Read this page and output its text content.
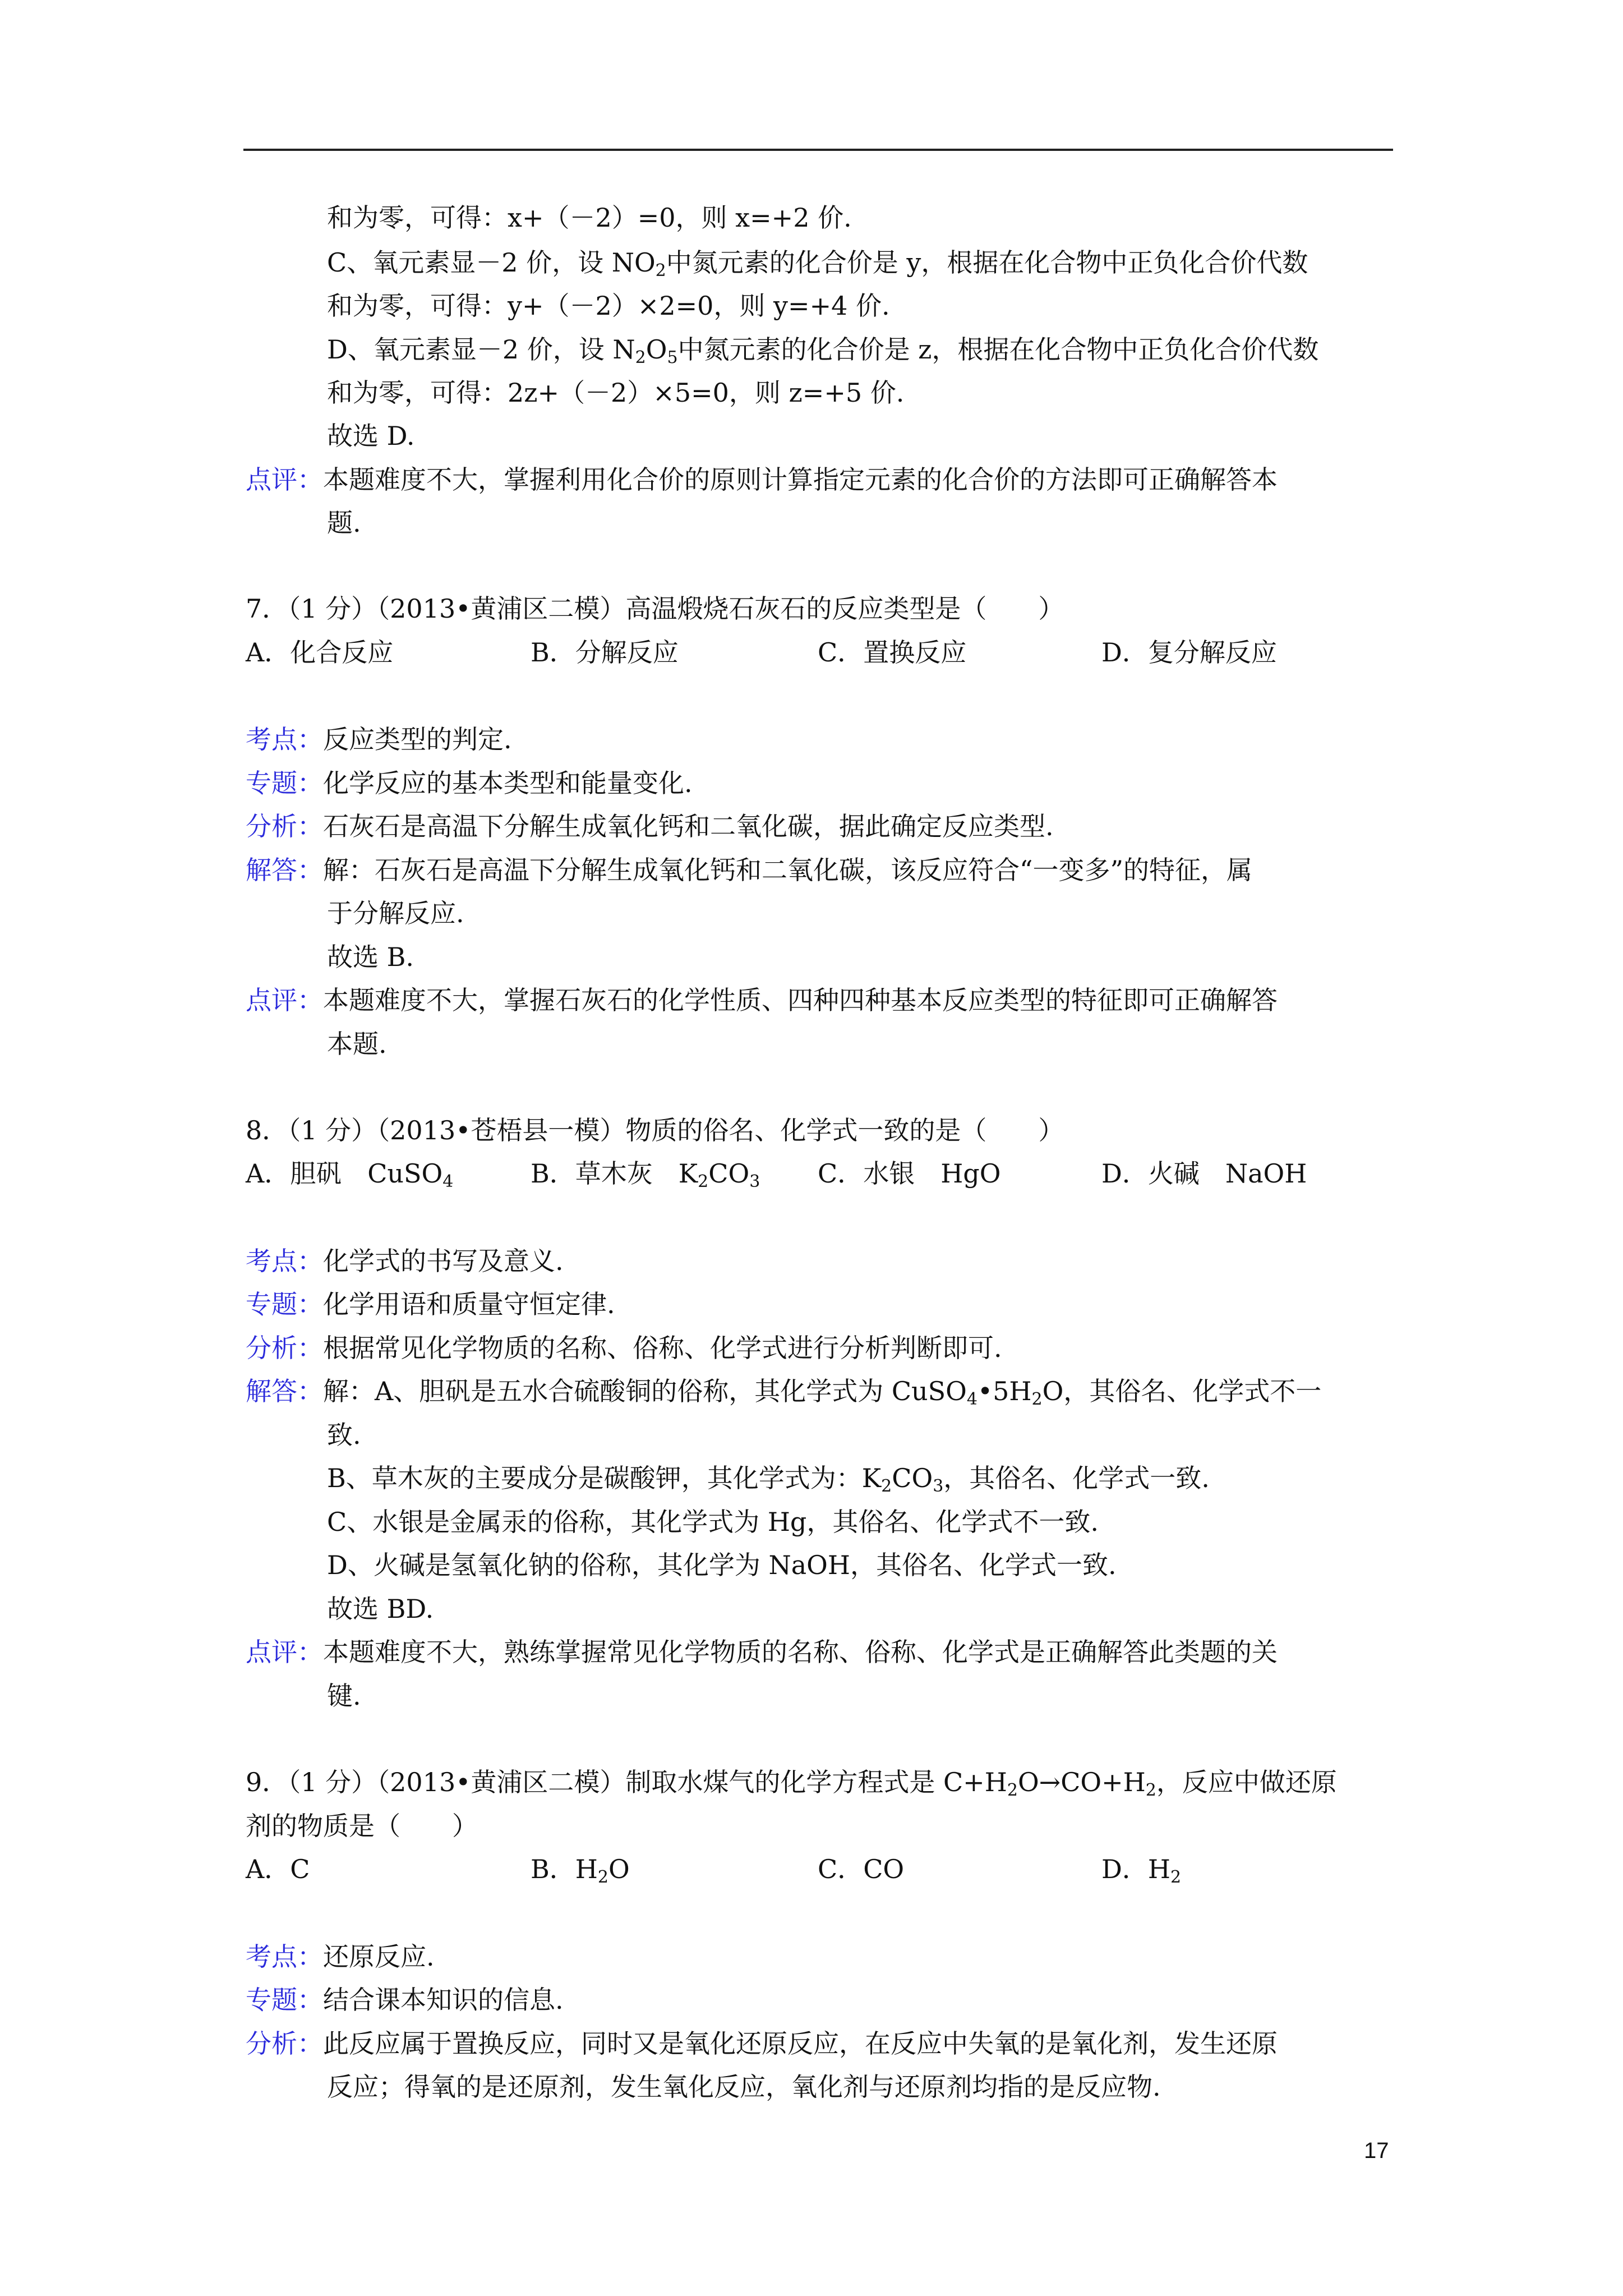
和为零，可得：x+（－2）=0，则 x=+2 价.
C、氧元素显－2 价，设 $NO_2$中氮元素的化合价是 y，根据在化合物中正负化合价代数
和为零，可得：y+（－2）×2=0，则 y=+4 价.
D、氧元素显－2 价，设 $N_2O_5$中氮元素的化合价是 z，根据在化合物中正负化合价代数
和为零，可得：2z+（－2）×5=0，则 z=+5 价.
故选 D.
点评：本题难度不大，掌握利用化合价的原则计算指定元素的化合价的方法即可正确解答本
题.
7．（1 分）（2013•黄浦区二模）高温煅烧石灰石的反应类型是（　　）
A．化合反应	B．分解反应	C．置换反应	D．复分解反应
考点：反应类型的判定.
专题：化学反应的基本类型和能量变化.
分析：石灰石是高温下分解生成氧化钙和二氧化碳，据此确定反应类型.
解答：解：石灰石是高温下分解生成氧化钙和二氧化碳，该反应符合“一变多”的特征，属
于分解反应.
故选 B.
点评：本题难度不大，掌握石灰石的化学性质、四种四种基本反应类型的特征即可正确解答
本题.
8．（1 分）（2013•苍梧县一模）物质的俗名、化学式一致的是（　　）
A．胆矾　CuSO$_4$	B．草木灰　$K_2CO_3$ C．水银　HgO	D．火碱　NaOH
考点：化学式的书写及意义.
专题：化学用语和质量守恒定律.
分析：根据常见化学物质的名称、俗称、化学式进行分析判断即可.
解答：解：A、胆矾是五水合硫酸铜的俗称，其化学式为 $CuSO_4•5H_2O$，其俗名、化学式不一
致.
B、草木灰的主要成分是碳酸钾，其化学式为：$K_2CO_3$，其俗名、化学式一致.
C、水银是金属汞的俗称，其化学式为 Hg，其俗名、化学式不一致.
D、火碱是氢氧化钠的俗称，其化学为 NaOH，其俗名、化学式一致.
故选 BD.
点评：本题难度不大，熟练掌握常见化学物质的名称、俗称、化学式是正确解答此类题的关
键.
9．（1 分）（2013•黄浦区二模）制取水煤气的化学方程式是 $C+H_2O\to CO+H_2$，反应中做还原
剂的物质是（　　）
A．C	B．$H_2O$	C．CO	D．$H_2$
考点：还原反应.
专题：结合课本知识的信息.
分析：此反应属于置换反应，同时又是氧化还原反应，在反应中失氧的是氧化剂，发生还原
反应；得氧的是还原剂，发生氧化反应，氧化剂与还原剂均指的是反应物.
17
